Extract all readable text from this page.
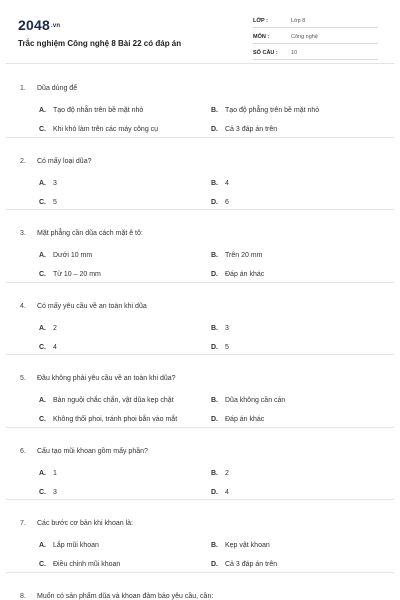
2048.vn
Trắc nghiệm Công nghệ 8 Bài 22 có đáp án
LỚP :	Lớp 8
MÔN :	Công nghệ
SỐ CÂU : 10
1. Dũa dùng để
A. Tạo độ nhẵn trên bề mặt nhỏ	B. Tạo độ phẳng trên bề mặt nhỏ
C. Khi khó làm trên các máy công cụ	D. Cả 3 đáp án trên
2. Có mấy loại dũa?
A. 3	B. 4
C. 5	D. 6
3. Mặt phẳng cần dũa cách mặt ê tô:
A. Dưới 10 mm	B. Trên 20 mm
C. Từ 10 – 20 mm	D. Đáp án khác
4. Có mấy yêu cầu về an toàn khi dũa
A. 2	B. 3
C. 4	D. 5
5. Đâu không phải yêu cầu về an toàn khi dũa?
A. Bàn nguội chắc chắn, vật dũa kẹp chặt	B. Dũa không cần cán
C. Không thổi phoi, tránh phoi bắn vào mắt	D. Đáp án khác
6. Cấu tạo mũi khoan gồm mấy phần?
A. 1	B. 2
C. 3	D. 4
7. Các bước cơ bản khi khoan là:
A. Lắp mũi khoan	B. Kẹp vật khoan
C. Điều chỉnh mũi khoan	D. Cả 3 đáp án trên
8. Muốn có sản phẩm dũa và khoan đảm bảo yêu cầu, cần:
